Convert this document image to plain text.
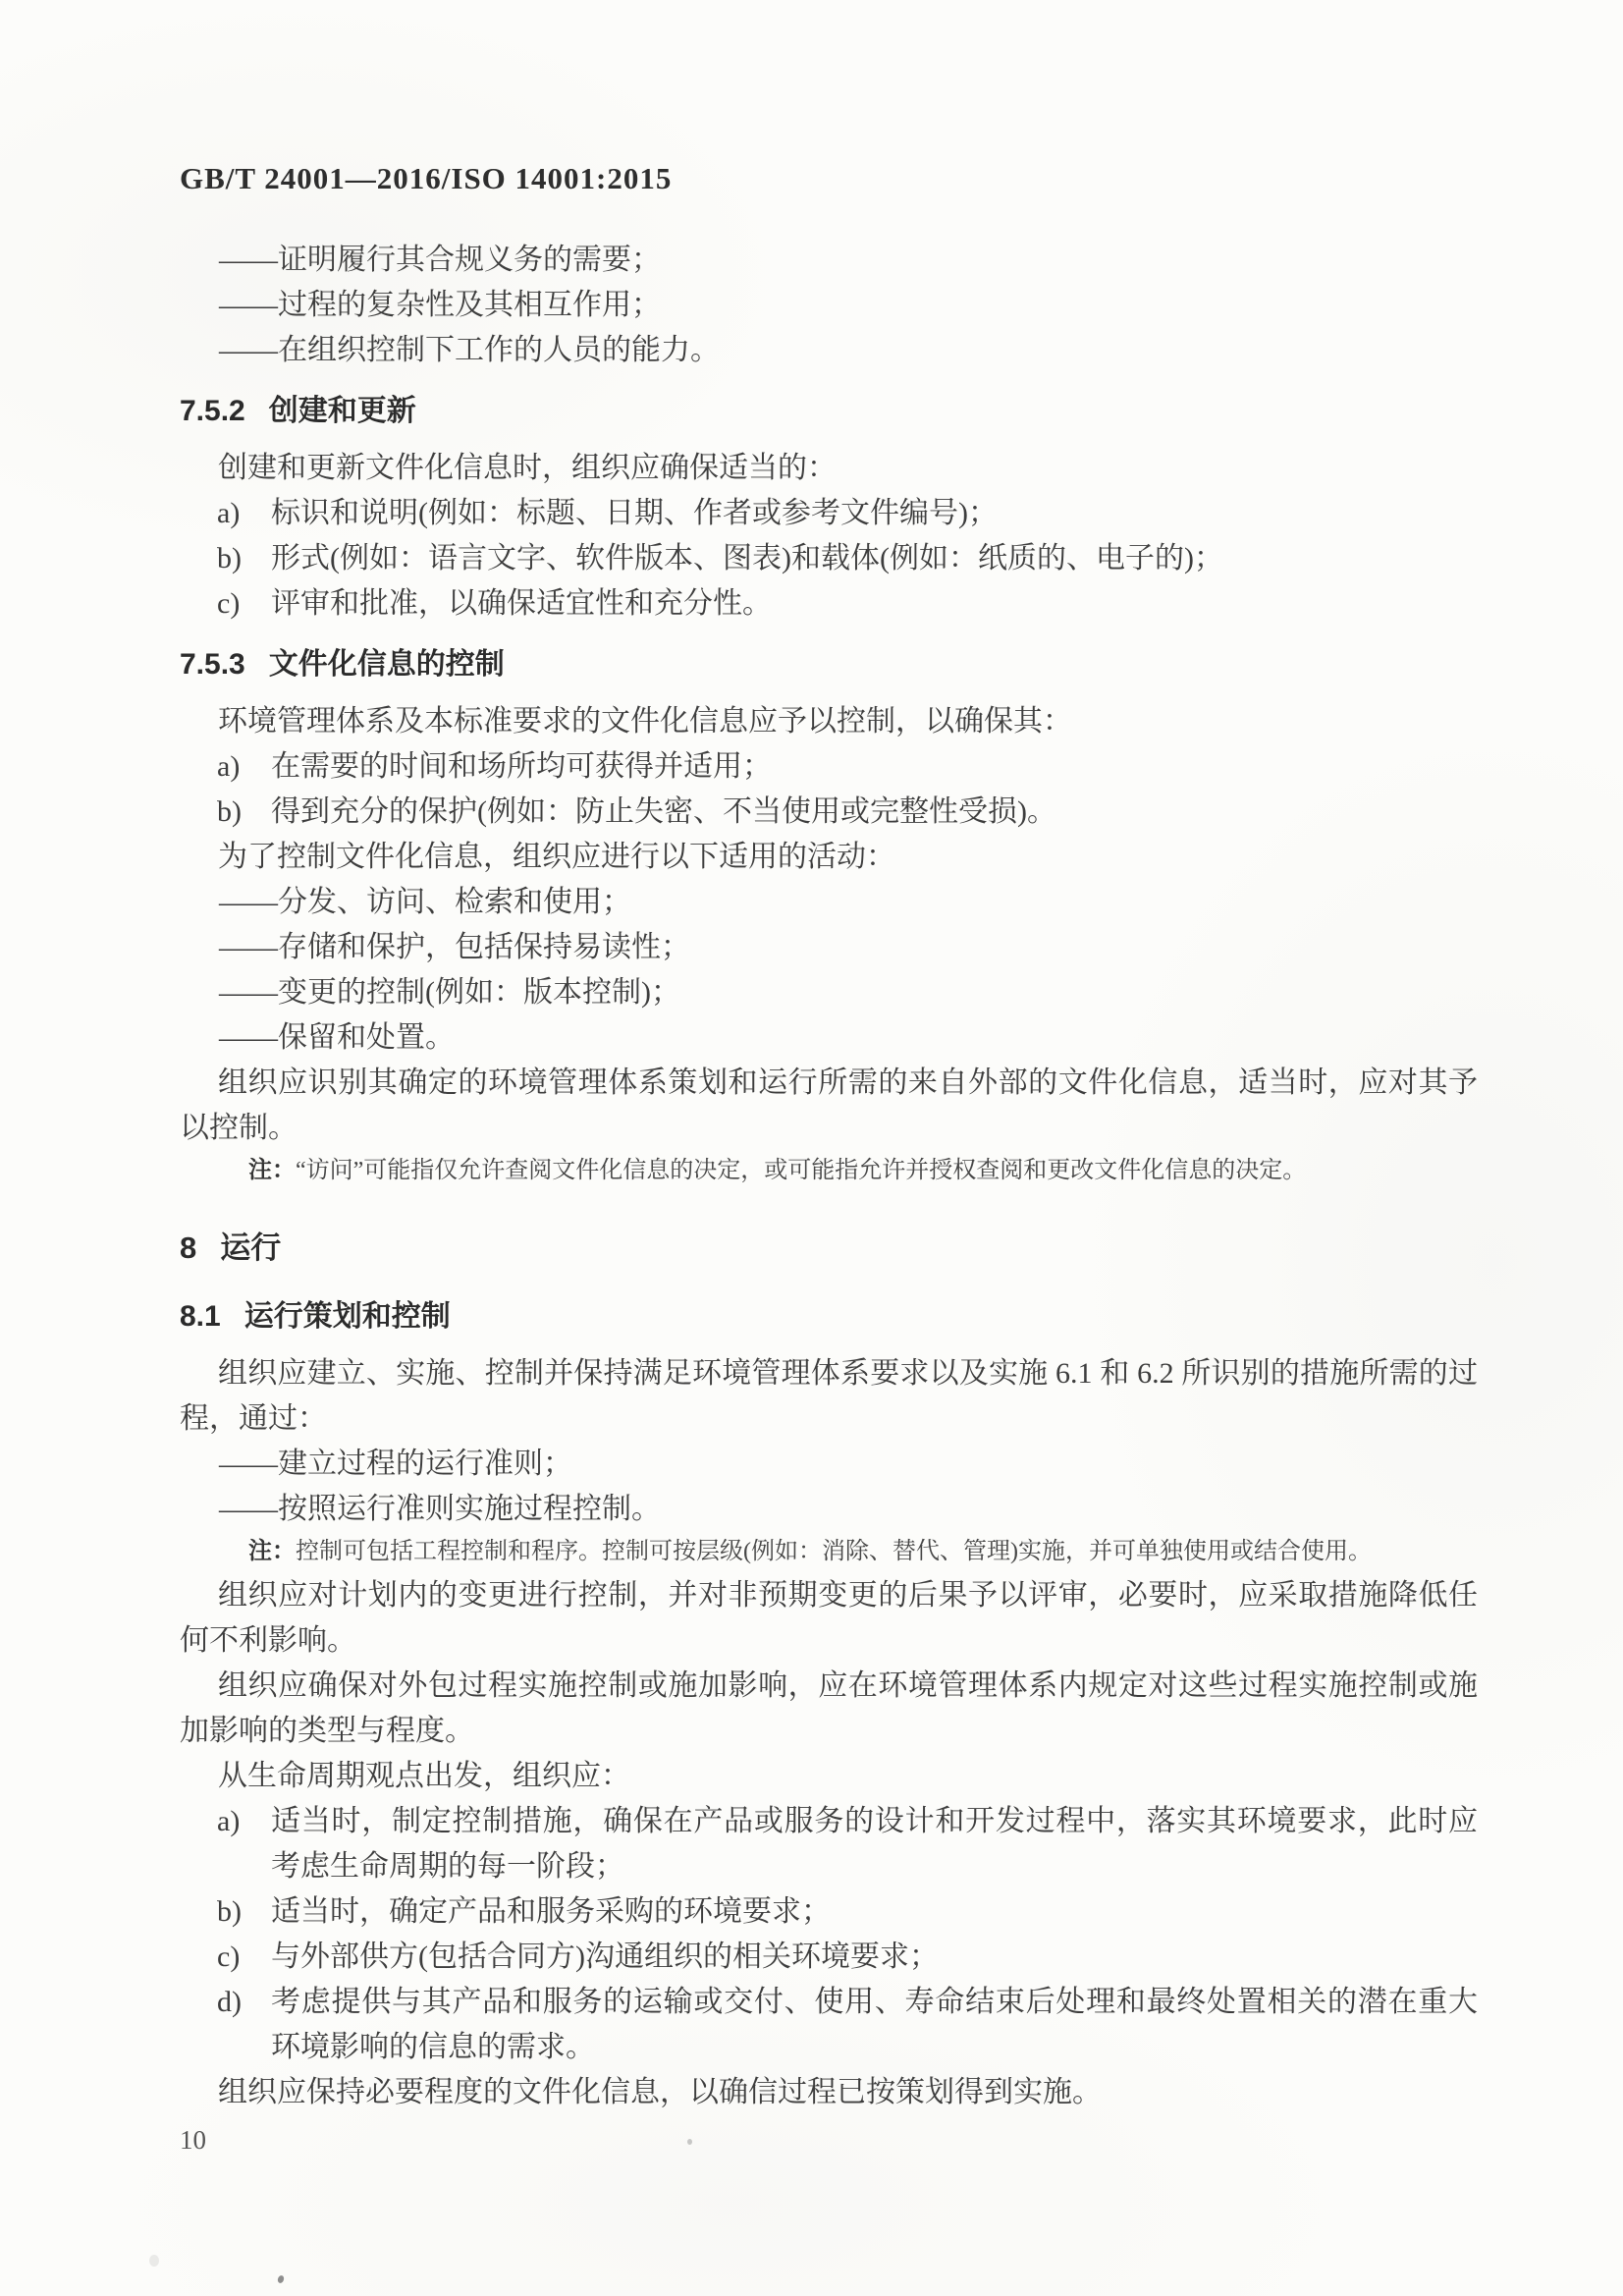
GB/T 24001—2016/ISO 14001:2015
——证明履行其合规义务的需要；
——过程的复杂性及其相互作用；
——在组织控制下工作的人员的能力。
7.5.2 创建和更新

创建和更新文件化信息时，组织应确保适当的：

a)	标识和说明(例如：标题、日期、作者或参考文件编号)；
b)	形式(例如：语言文字、软件版本、图表)和载体(例如：纸质的、电子的)；
c)	评审和批准，以确保适宜性和充分性。
7.5.3 文件化信息的控制

环境管理体系及本标准要求的文件化信息应予以控制，以确保其：

a)	在需要的时间和场所均可获得并适用；
b)	得到充分的保护(例如：防止失密、不当使用或完整性受损)。

为了控制文件化信息，组织应进行以下适用的活动：

——分发、访问、检索和使用；
——存储和保护，包括保持易读性；
——变更的控制(例如：版本控制)；
——保留和处置。

组织应识别其确定的环境管理体系策划和运行所需的来自外部的文件化信息，适当时，应对其予以控制。

注：“访问”可能指仅允许查阅文件化信息的决定，或可能指允许并授权查阅和更改文件化信息的决定。
8 运行
8.1 运行策划和控制

组织应建立、实施、控制并保持满足环境管理体系要求以及实施 6.1 和 6.2 所识别的措施所需的过程，通过：

——建立过程的运行准则；
——按照运行准则实施过程控制。
注：控制可包括工程控制和程序。控制可按层级(例如：消除、替代、管理)实施，并可单独使用或结合使用。

组织应对计划内的变更进行控制，并对非预期变更的后果予以评审，必要时，应采取措施降低任何不利影响。

组织应确保对外包过程实施控制或施加影响，应在环境管理体系内规定对这些过程实施控制或施加影响的类型与程度。

从生命周期观点出发，组织应：

a)	适当时，制定控制措施，确保在产品或服务的设计和开发过程中，落实其环境要求，此时应考虑生命周期的每一阶段；
b)	适当时，确定产品和服务采购的环境要求；
c)	与外部供方(包括合同方)沟通组织的相关环境要求；
d)	考虑提供与其产品和服务的运输或交付、使用、寿命结束后处理和最终处置相关的潜在重大环境影响的信息的需求。

组织应保持必要程度的文件化信息，以确信过程已按策划得到实施。

10
